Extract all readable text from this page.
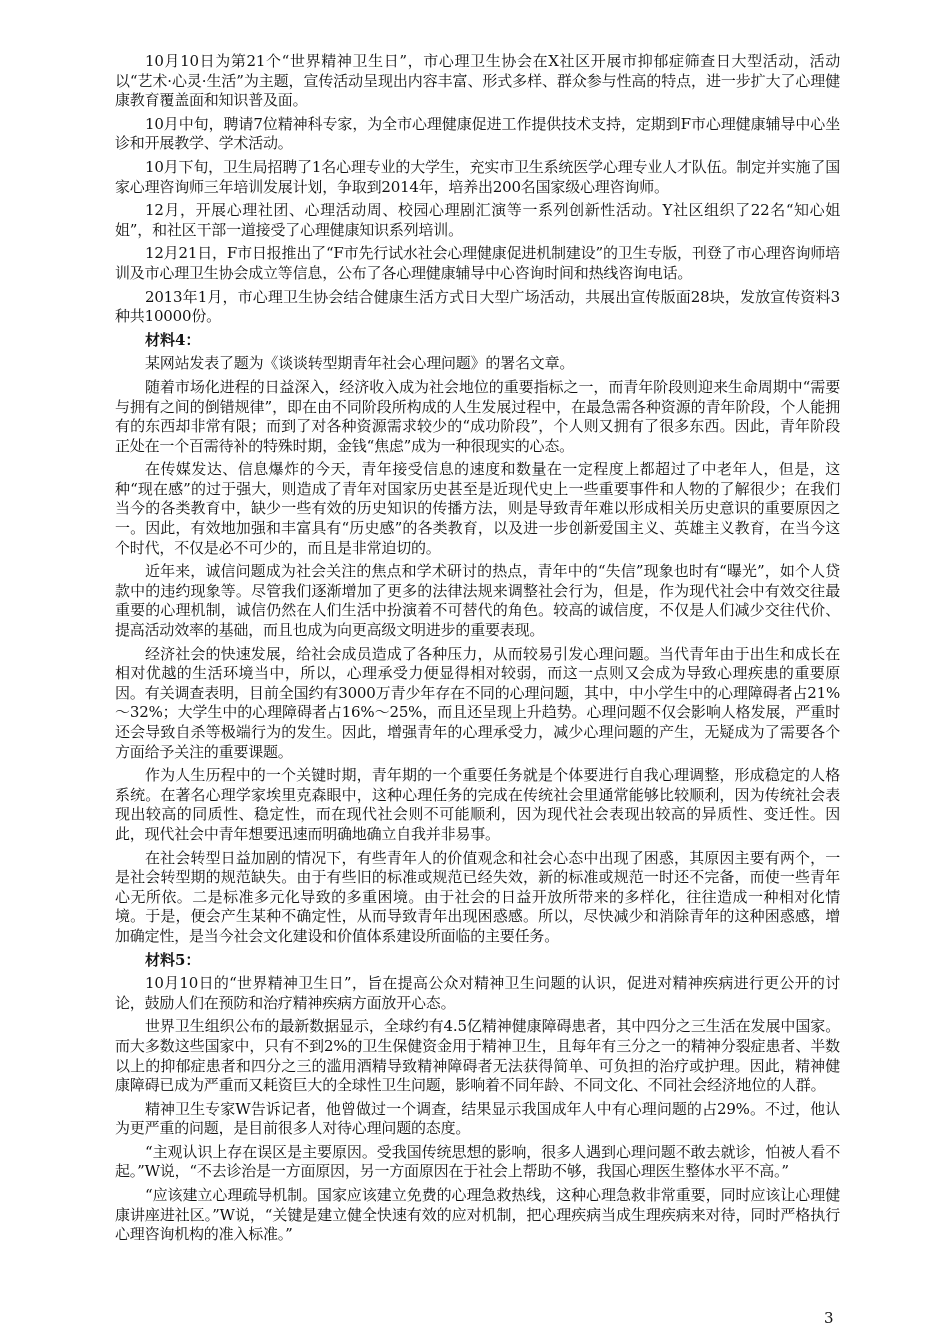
10月10日为第21个“世界精神卫生日”，市心理卫生协会在X社区开展市抑郁症筛查日大型活动，活动以“艺术·心灵·生活”为主题，宣传活动呈现出内容丰富、形式多样、群众参与性高的特点，进一步扩大了心理健康教育覆盖面和知识普及面。

10月中旬，聘请7位精神科专家，为全市心理健康促进工作提供技术支持，定期到F市心理健康辅导中心坐诊和开展教学、学术活动。

10月下旬，卫生局招聘了1名心理专业的大学生，充实市卫生系统医学心理专业人才队伍。制定并实施了国家心理咨询师三年培训发展计划，争取到2014年，培养出200名国家级心理咨询师。

12月，开展心理社团、心理活动周、校园心理剧汇演等一系列创新性活动。Y社区组织了22名“知心姐姐”，和社区干部一道接受了心理健康知识系列培训。

12月21日，F市日报推出了“F市先行试水社会心理健康促进机制建设”的卫生专版，刊登了市心理咨询师培训及市心理卫生协会成立等信息，公布了各心理健康辅导中心咨询时间和热线咨询电话。

2013年1月，市心理卫生协会结合健康生活方式日大型广场活动，共展出宣传版面28块，发放宣传资料3种共10000份。

材料4：

某网站发表了题为《谈谈转型期青年社会心理问题》的署名文章。

随着市场化进程的日益深入，经济收入成为社会地位的重要指标之一，而青年阶段则迎来生命周期中“需要与拥有之间的倒错规律”，即在由不同阶段所构成的人生发展过程中，在最急需各种资源的青年阶段，个人能拥有的东西却非常有限；而到了对各种资源需求较少的“成功阶段”，个人则又拥有了很多东西。因此，青年阶段正处在一个百需待补的特殊时期，金钱“焦虑”成为一种很现实的心态。

在传媒发达、信息爆炸的今天，青年接受信息的速度和数量在一定程度上都超过了中老年人，但是，这种“现在感”的过于强大，则造成了青年对国家历史甚至是近现代史上一些重要事件和人物的了解很少；在我们当今的各类教育中，缺少一些有效的历史知识的传播方法，则是导致青年难以形成相关历史意识的重要原因之一。因此，有效地加强和丰富具有“历史感”的各类教育，以及进一步创新爱国主义、英雄主义教育，在当今这个时代，不仅是必不可少的，而且是非常迫切的。

近年来，诚信问题成为社会关注的焦点和学术研讨的热点，青年中的“失信”现象也时有“曝光”，如个人贷款中的违约现象等。尽管我们逐渐增加了更多的法律法规来调整社会行为，但是，作为现代社会中有效交往最重要的心理机制，诚信仍然在人们生活中扮演着不可替代的角色。较高的诚信度，不仅是人们减少交往代价、提高活动效率的基础，而且也成为向更高级文明进步的重要表现。

经济社会的快速发展，给社会成员造成了各种压力，从而较易引发心理问题。当代青年由于出生和成长在相对优越的生活环境当中，所以，心理承受力便显得相对较弱，而这一点则又会成为导致心理疾患的重要原因。有关调查表明，目前全国约有3000万青少年存在不同的心理问题，其中，中小学生中的心理障碍者占21%～32%；大学生中的心理障碍者占16%～25%，而且还呈现上升趋势。心理问题不仅会影响人格发展，严重时还会导致自杀等极端行为的发生。因此，增强青年的心理承受力，减少心理问题的产生，无疑成为了需要各个方面给予关注的重要课题。

作为人生历程中的一个关键时期，青年期的一个重要任务就是个体要进行自我心理调整，形成稳定的人格系统。在著名心理学家埃里克森眼中，这种心理任务的完成在传统社会里通常能够比较顺利，因为传统社会表现出较高的同质性、稳定性，而在现代社会则不可能顺利，因为现代社会表现出较高的异质性、变迁性。因此，现代社会中青年想要迅速而明确地确立自我并非易事。

在社会转型日益加剧的情况下，有些青年人的价值观念和社会心态中出现了困惑，其原因主要有两个，一是社会转型期的规范缺失。由于有些旧的标准或规范已经失效，新的标准或规范一时还不完备，而使一些青年心无所依。二是标准多元化导致的多重困境。由于社会的日益开放所带来的多样化，往往造成一种相对化情境。于是，便会产生某种不确定性，从而导致青年出现困惑感。所以，尽快减少和消除青年的这种困惑感，增加确定性，是当今社会文化建设和价值体系建设所面临的主要任务。

材料5：

10月10日的“世界精神卫生日”，旨在提高公众对精神卫生问题的认识，促进对精神疾病进行更公开的讨论，鼓励人们在预防和治疗精神疾病方面放开心态。

世界卫生组织公布的最新数据显示，全球约有4.5亿精神健康障碍患者，其中四分之三生活在发展中国家。而大多数这些国家中，只有不到2%的卫生保健资金用于精神卫生，且每年有三分之一的精神分裂症患者、半数以上的抑郁症患者和四分之三的滥用酒精导致精神障碍者无法获得简单、可负担的治疗或护理。因此，精神健康障碍已成为严重而又耗资巨大的全球性卫生问题，影响着不同年龄、不同文化、不同社会经济地位的人群。

精神卫生专家W告诉记者，他曾做过一个调查，结果显示我国成年人中有心理问题的占29%。不过，他认为更严重的问题，是目前很多人对待心理问题的态度。

“主观认识上存在误区是主要原因。受我国传统思想的影响，很多人遇到心理问题不敢去就诊，怕被人看不起。”W说，“不去诊治是一方面原因，另一方面原因在于社会上帮助不够，我国心理医生整体水平不高。”

“应该建立心理疏导机制。国家应该建立免费的心理急救热线，这种心理急救非常重要，同时应该让心理健康讲座进社区。”W说，“关键是建立健全快速有效的应对机制，把心理疾病当成生理疾病来对待，同时严格执行心理咨询机构的准入标准。”

3
